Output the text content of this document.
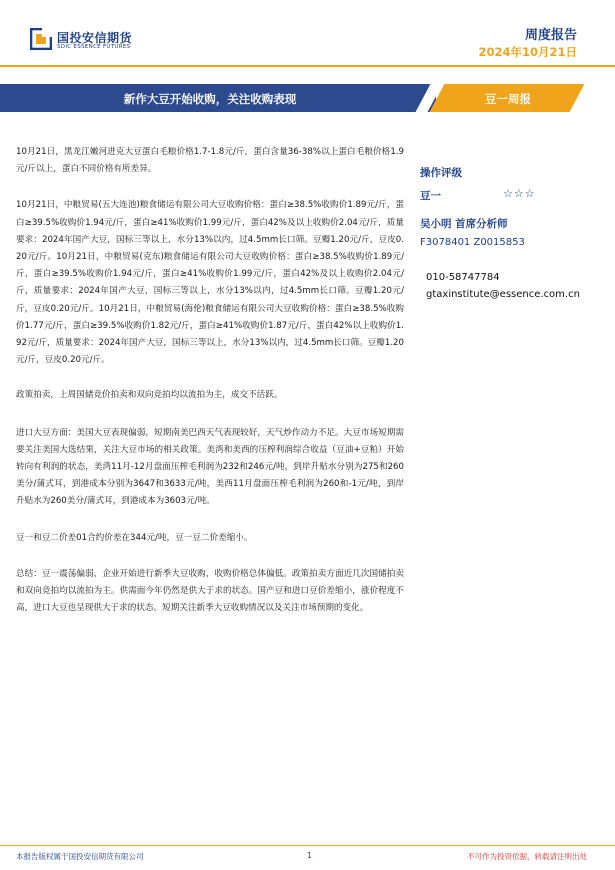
国投安信期货
SDIC ESSENCE FUTURES
周度报告
2024年10月21日
新作大豆开始收购，关注收购表现	豆一周报

10月21日，黑龙江嫩河进克大豆蛋白毛粮价格1.7-1.8元/斤，蛋白含量36-38%以上蛋白毛粮价格1.9元/斤以上，蛋白不同价格有所差异。

10月21日，中粮贸易(五大连池)粮食储运有限公司大豆收购价格：蛋白≥38.5%收购价1.89元/斤，蛋白≥39.5%收购价1.94元/斤，蛋白≥41%收购价1.99元/斤，蛋白42%及以上收购价2.04元/斤，质量要求：2024年国产大豆，国标三等以上，水分13%以内，过4.5mm长口筛。豆瓣1.20元/斤，豆皮0.20元/斤。10月21日，中粮贸易(克东)粮食储运有限公司大豆收购价格：蛋白≥38.5%收购价1.89元/斤，蛋白≥39.5%收购价1.94元/斤，蛋白≥41%收购价1.99元/斤，蛋白42%及以上收购价2.04元/斤，质量要求：2024年国产大豆，国标三等以上，水分13%以内，过4.5mm长口筛。豆瓣1.20元/斤，豆皮0.20元/斤。10月21日，中粮贸易(海伦)粮食储运有限公司大豆收购价格：蛋白≥38.5%收购价1.77元/斤，蛋白≥39.5%收购价1.82元/斤，蛋白≥41%收购价1.87元/斤，蛋白42%以上收购价1.92元/斤，质量要求：2024年国产大豆，国标三等以上，水分13%以内，过4.5mm长口筛。豆瓣1.20元/斤，豆皮0.20元/斤。

政策拍卖，上周国储竞价拍卖和双向竞拍均以流拍为主，成交不活跃。

进口大豆方面：美国大豆表现偏弱，短期南美巴西天气表现较好，天气炒作动力不足。大豆市场短期需要关注美国大选结果，关注大豆市场的相关政策。美湾和美西的压榨利润综合收益（豆油+豆粕）开始转向有利润的状态，美湾11月-12月盘面压榨毛利润为232和246元/吨，到岸升贴水分别为275和260美分/蒲式耳，到港成本分别为3647和3633元/吨，美西11月盘面压榨毛利润为260和-1元/吨，到岸升贴水为260美分/蒲式耳，到港成本为3603元/吨。

豆一和豆二价差01合约价差在344元/吨，豆一豆二价差缩小。

总结：豆一震荡偏弱，企业开始进行新季大豆收购，收购价格总体偏低。政策拍卖方面近几次国储拍卖和双向竞拍均以流拍为主。供需面今年仍然是供大于求的状态。国产豆和进口豆价差缩小，涨价程度不高，进口大豆也呈现供大于求的状态。短期关注新季大豆收购情况以及关注市场预期的变化。

操作评级
豆一	☆☆☆
吴小明 首席分析师
F3078401 Z0015853
010-58747784
gtaxinstitute@essence.com.cn
本报告版权属于国投安信期货有限公司	1	不可作为投资依据，转载请注明出处
